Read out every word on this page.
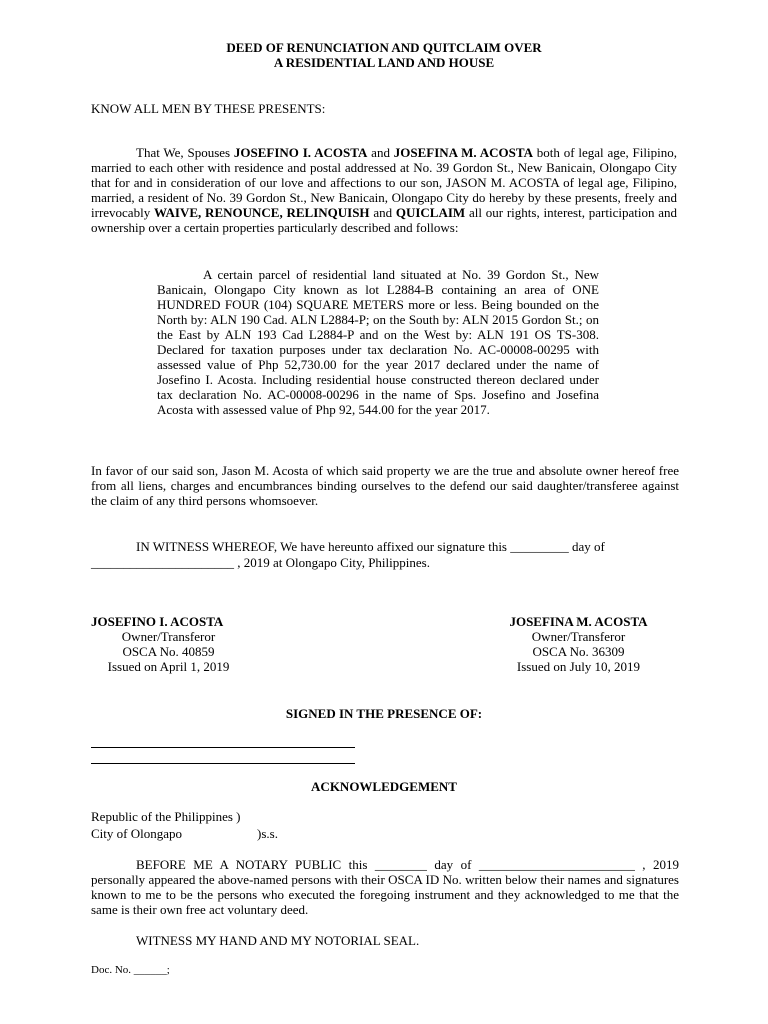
DEED OF RENUNCIATION AND QUITCLAIM OVER
A RESIDENTIAL LAND AND HOUSE
KNOW ALL MEN BY THESE PRESENTS:
That We, Spouses JOSEFINO I. ACOSTA and JOSEFINA M. ACOSTA both of legal age, Filipino, married to each other with residence and postal addressed at No. 39 Gordon St., New Banicain, Olongapo City that for and in consideration of our love and affections to our son, JASON M. ACOSTA of legal age, Filipino, married, a resident of No. 39 Gordon St., New Banicain, Olongapo City do hereby by these presents, freely and irrevocably WAIVE, RENOUNCE, RELINQUISH and QUICLAIM all our rights, interest, participation and ownership over a certain properties particularly described and follows:
A certain parcel of residential land situated at No. 39 Gordon St., New Banicain, Olongapo City known as lot L2884-B containing an area of ONE HUNDRED FOUR (104) SQUARE METERS more or less. Being bounded on the North by: ALN 190 Cad. ALN L2884-P; on the South by: ALN 2015 Gordon St.; on the East by ALN 193 Cad L2884-P and on the West by: ALN 191 OS TS-308. Declared for taxation purposes under tax declaration No. AC-00008-00295 with assessed value of Php 52,730.00 for the year 2017 declared under the name of Josefino I. Acosta. Including residential house constructed thereon declared under tax declaration No. AC-00008-00296 in the name of Sps. Josefino and Josefina Acosta with assessed value of Php 92, 544.00 for the year 2017.
In favor of our said son, Jason M. Acosta of which said property we are the true and absolute owner hereof free from all liens, charges and encumbrances binding ourselves to the defend our said daughter/transferee against the claim of any third persons whomsoever.
IN WITNESS WHEREOF, We have hereunto affixed our signature this _________ day of
______________________ , 2019 at Olongapo City, Philippines.
JOSEFINO I. ACOSTA
Owner/Transferor
OSCA No. 40859
Issued on April 1, 2019
JOSEFINA M. ACOSTA
Owner/Transferor
OSCA No. 36309
Issued on July 10, 2019
SIGNED IN THE PRESENCE OF:
ACKNOWLEDGEMENT
Republic of the Philippines )
City of Olongapo	)s.s.
BEFORE ME A NOTARY PUBLIC this ________ day of ________________________ , 2019 personally appeared the above-named persons with their OSCA ID No. written below their names and signatures known to me to be the persons who executed the foregoing instrument and they acknowledged to me that the same is their own free act voluntary deed.
WITNESS MY HAND AND MY NOTORIAL SEAL.
Doc. No. ______;
